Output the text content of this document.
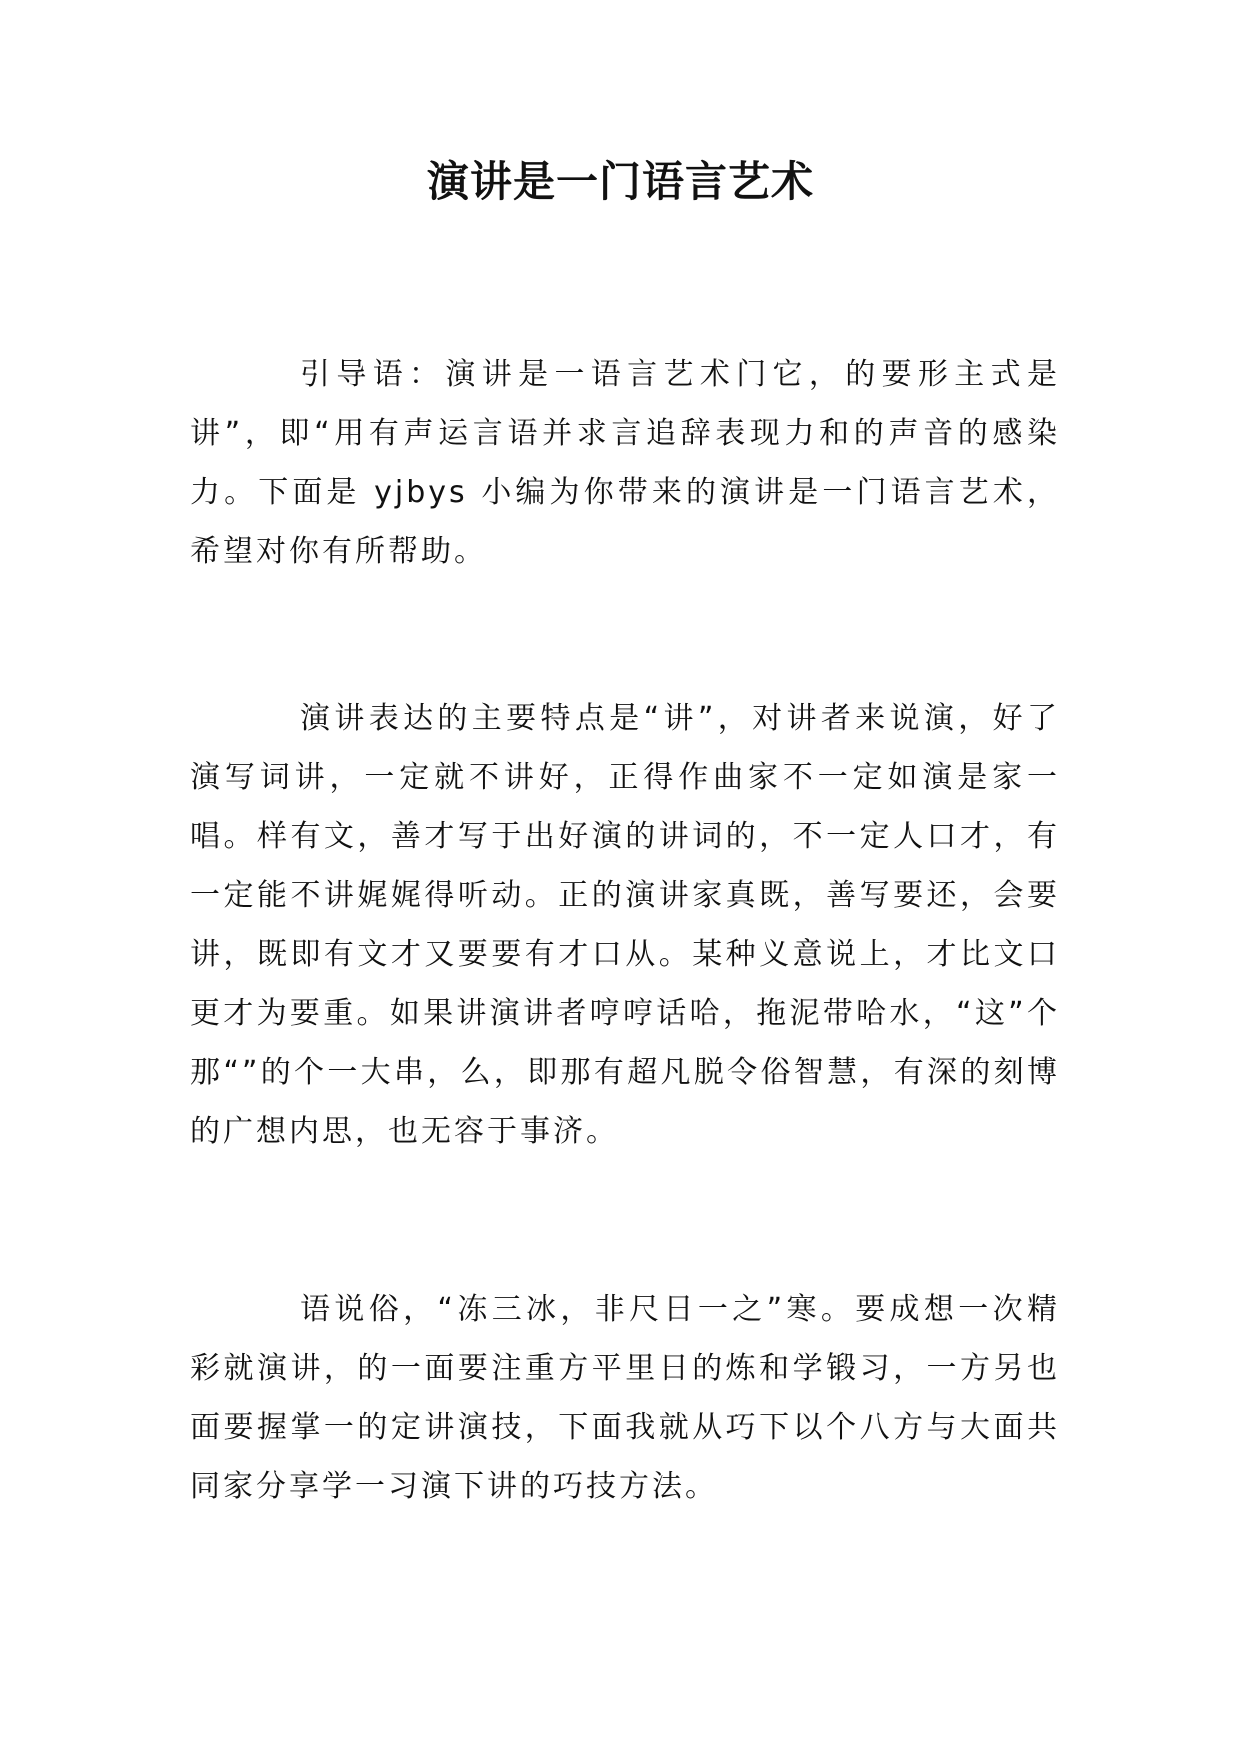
演讲是一门语言艺术

引导语：演讲是一语言艺术门它，的要形主式是讲”，即“用有声运言语并求言追辞表现力和的声音的感染力。下面是 yjbys 小编为你带来的演讲是一门语言艺术，希望对你有所帮助。

演讲表达的主要特点是“讲”，对讲者来说演，好了演写词讲，一定就不讲好，正得作曲家不一定如演是家一唱。样有文，善才写于出好演的讲词的，不一定人口才，有一定能不讲娓娓得听动。正的演讲家真既，善写要还，会要讲，既即有文才又要要有才口从。某种义意说上，才比文口更才为要重。如果讲演讲者哼哼话哈，拖泥带哈水，“这”个那“”的个一大串，么，即那有超凡脱令俗智慧，有深的刻博的广想内思，也无容于事济。

语说俗，“冻三冰，非尺日一之”寒。要成想一次精彩就演讲，的一面要注重方平里日的炼和学锻习，一方另也面要握掌一的定讲演技，下面我就从巧下以个八方与大面共同家分享学一习演下讲的巧技方法。
